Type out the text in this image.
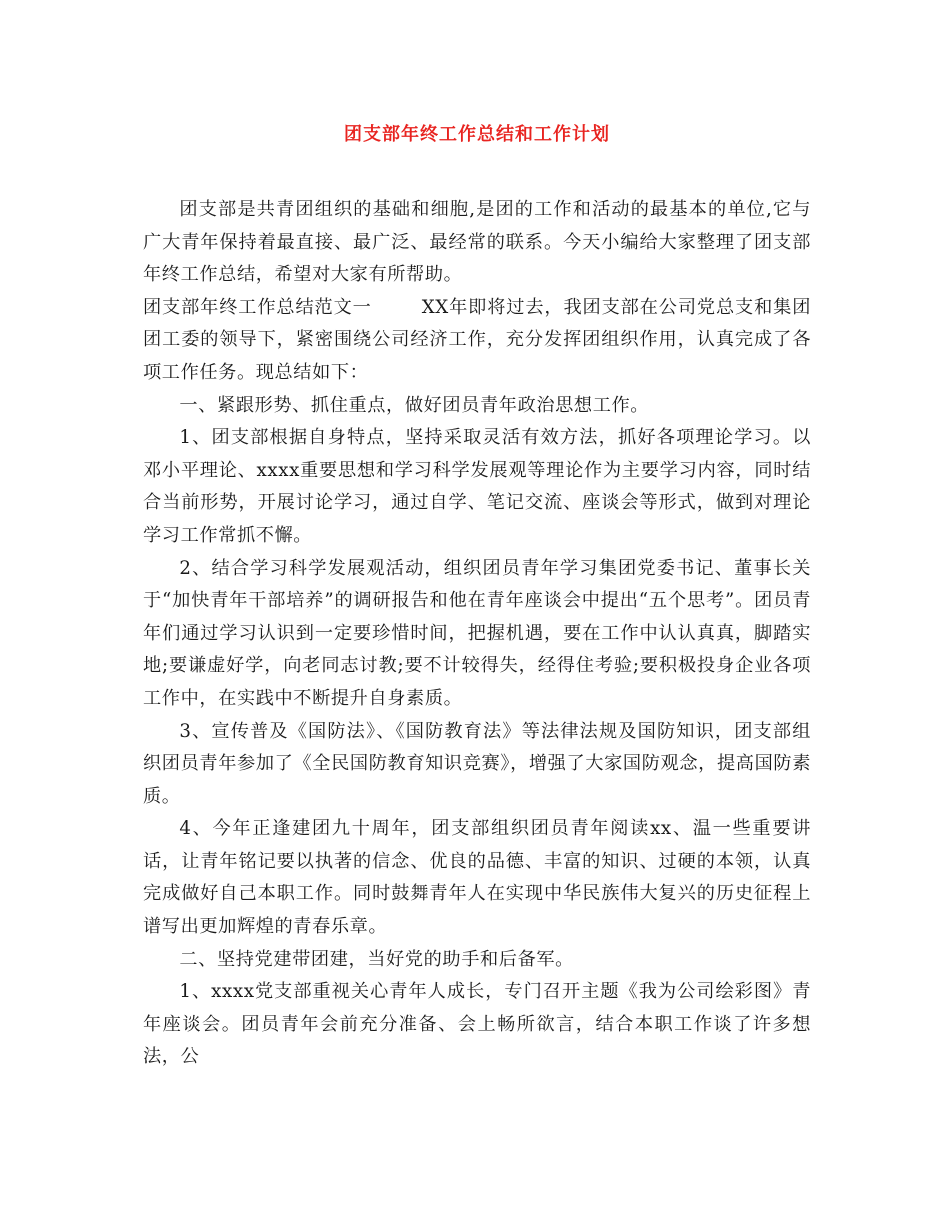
团支部年终工作总结和工作计划

团支部是共青团组织的基础和细胞,是团的工作和活动的最基本的单位,它与广大青年保持着最直接、最广泛、最经常的联系。今天小编给大家整理了团支部年终工作总结，希望对大家有所帮助。

团支部年终工作总结范文一	XX年即将过去，我团支部在公司党总支和集团团工委的领导下，紧密围绕公司经济工作，充分发挥团组织作用，认真完成了各项工作任务。现总结如下：

一、紧跟形势、抓住重点，做好团员青年政治思想工作。

1、团支部根据自身特点，坚持采取灵活有效方法，抓好各项理论学习。以邓小平理论、xxxx重要思想和学习科学发展观等理论作为主要学习内容，同时结合当前形势，开展讨论学习，通过自学、笔记交流、座谈会等形式，做到对理论学习工作常抓不懈。

2、结合学习科学发展观活动，组织团员青年学习集团党委书记、董事长关于“加快青年干部培养”的调研报告和他在青年座谈会中提出“五个思考”。团员青年们通过学习认识到一定要珍惜时间，把握机遇，要在工作中认认真真，脚踏实地;要谦虚好学，向老同志讨教;要不计较得失，经得住考验;要积极投身企业各项工作中，在实践中不断提升自身素质。

3、宣传普及《国防法》、《国防教育法》等法律法规及国防知识，团支部组织团员青年参加了《全民国防教育知识竞赛》，增强了大家国防观念，提高国防素质。

4、今年正逢建团九十周年，团支部组织团员青年阅读xx、温一些重要讲话，让青年铭记要以执著的信念、优良的品德、丰富的知识、过硬的本领，认真完成做好自己本职工作。同时鼓舞青年人在实现中华民族伟大复兴的历史征程上谱写出更加辉煌的青春乐章。

二、坚持党建带团建，当好党的助手和后备军。

1、xxxx党支部重视关心青年人成长，专门召开主题《我为公司绘彩图》青年座谈会。团员青年会前充分准备、会上畅所欲言，结合本职工作谈了许多想法，公
